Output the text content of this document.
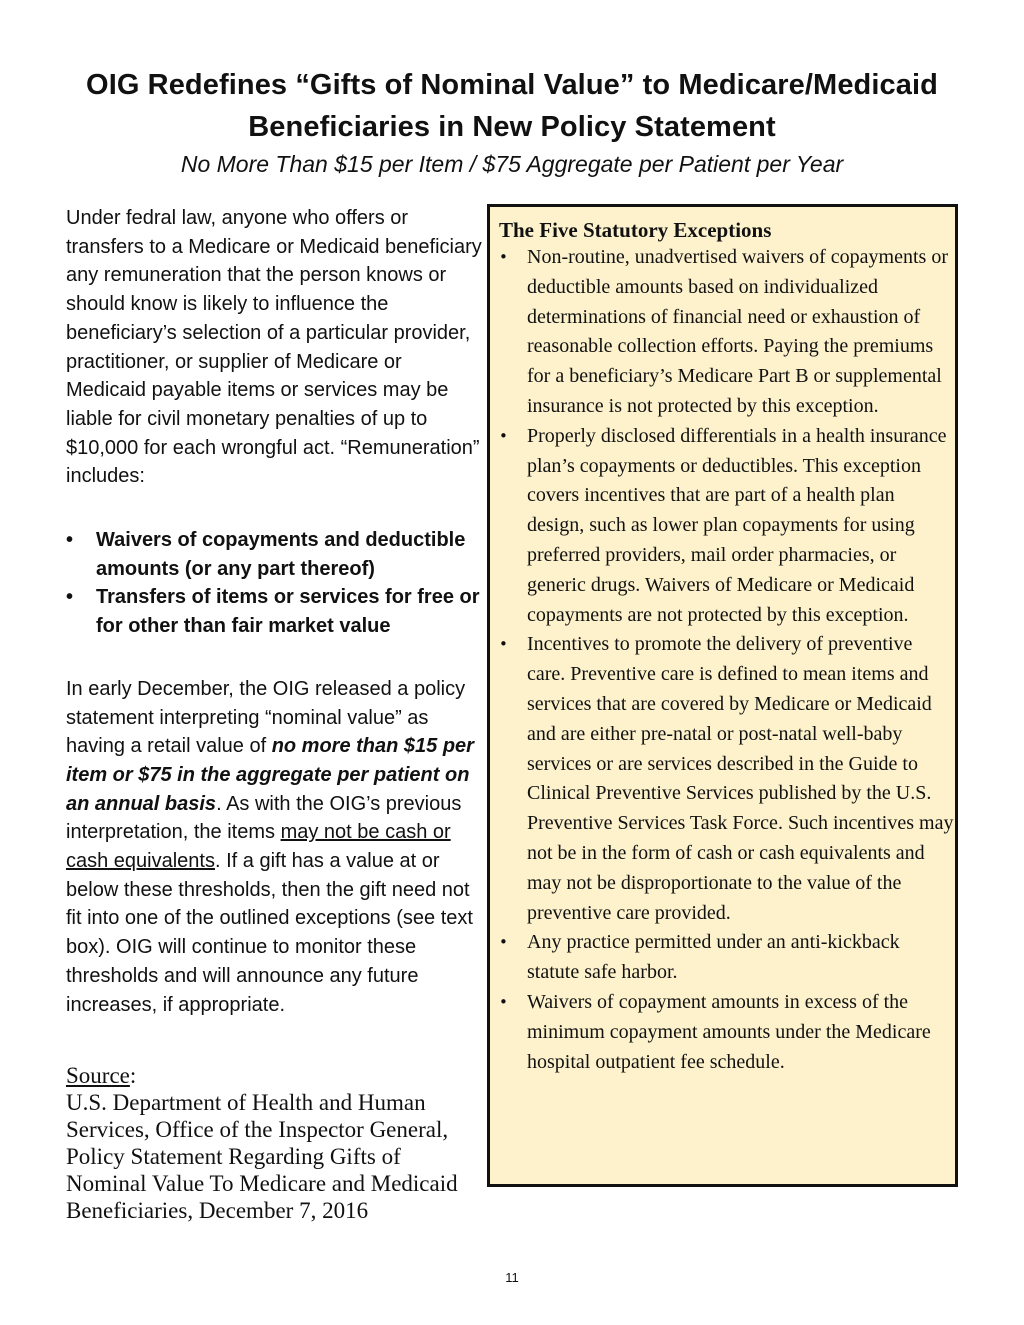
OIG Redefines “Gifts of Nominal Value” to Medicare/Medicaid
Beneficiaries in New Policy Statement

No More Than $15 per Item / $75 Aggregate per Patient per Year

Under fedral law, anyone who offers or transfers to a Medicare or Medicaid beneficiary any remuneration that the person knows or should know is likely to influence the beneficiary’s selection of a particular provider, practitioner, or supplier of Medicare or Medicaid payable items or services may be liable for civil monetary penalties of up to $10,000 for each wrongful act. “Remuneration” includes:

•	Waivers of copayments and deductible amounts (or any part thereof)
•	Transfers of items or services for free or for other than fair market value

In early December, the OIG released a policy statement interpreting “nominal value” as having a retail value of no more than $15 per item or $75 in the aggregate per patient on an annual basis. As with the OIG’s previous interpretation, the items may not be cash or cash equivalents. If a gift has a value at or below these thresholds, then the gift need not fit into one of the outlined exceptions (see text box). OIG will continue to monitor these thresholds and will announce any future increases, if appropriate.

Source:
U.S. Department of Health and Human Services, Office of the Inspector General, Policy Statement Regarding Gifts of Nominal Value To Medicare and Medicaid Beneficiaries, December 7, 2016

The Five Statutory Exceptions

• Non-routine, unadvertised waivers of copayments or deductible amounts based on individualized determinations of financial need or exhaustion of reasonable collection efforts. Paying the premiums for a beneficiary’s Medicare Part B or supplemental insurance is not protected by this exception.
• Properly disclosed differentials in a health insurance plan’s copayments or deductibles. This exception covers incentives that are part of a health plan design, such as lower plan copayments for using preferred providers, mail order pharmacies, or generic drugs. Waivers of Medicare or Medicaid copayments are not protected by this exception.
• Incentives to promote the delivery of preventive care. Preventive care is defined to mean items and services that are covered by Medicare or Medicaid and are either pre-natal or post-natal well-baby services or are services described in the Guide to Clinical Preventive Services published by the U.S. Preventive Services Task Force. Such incentives may not be in the form of cash or cash equivalents and may not be disproportionate to the value of the preventive care provided.
• Any practice permitted under an anti-kickback statute safe harbor.
• Waivers of copayment amounts in excess of the minimum copayment amounts under the Medicare hospital outpatient fee schedule.
11
